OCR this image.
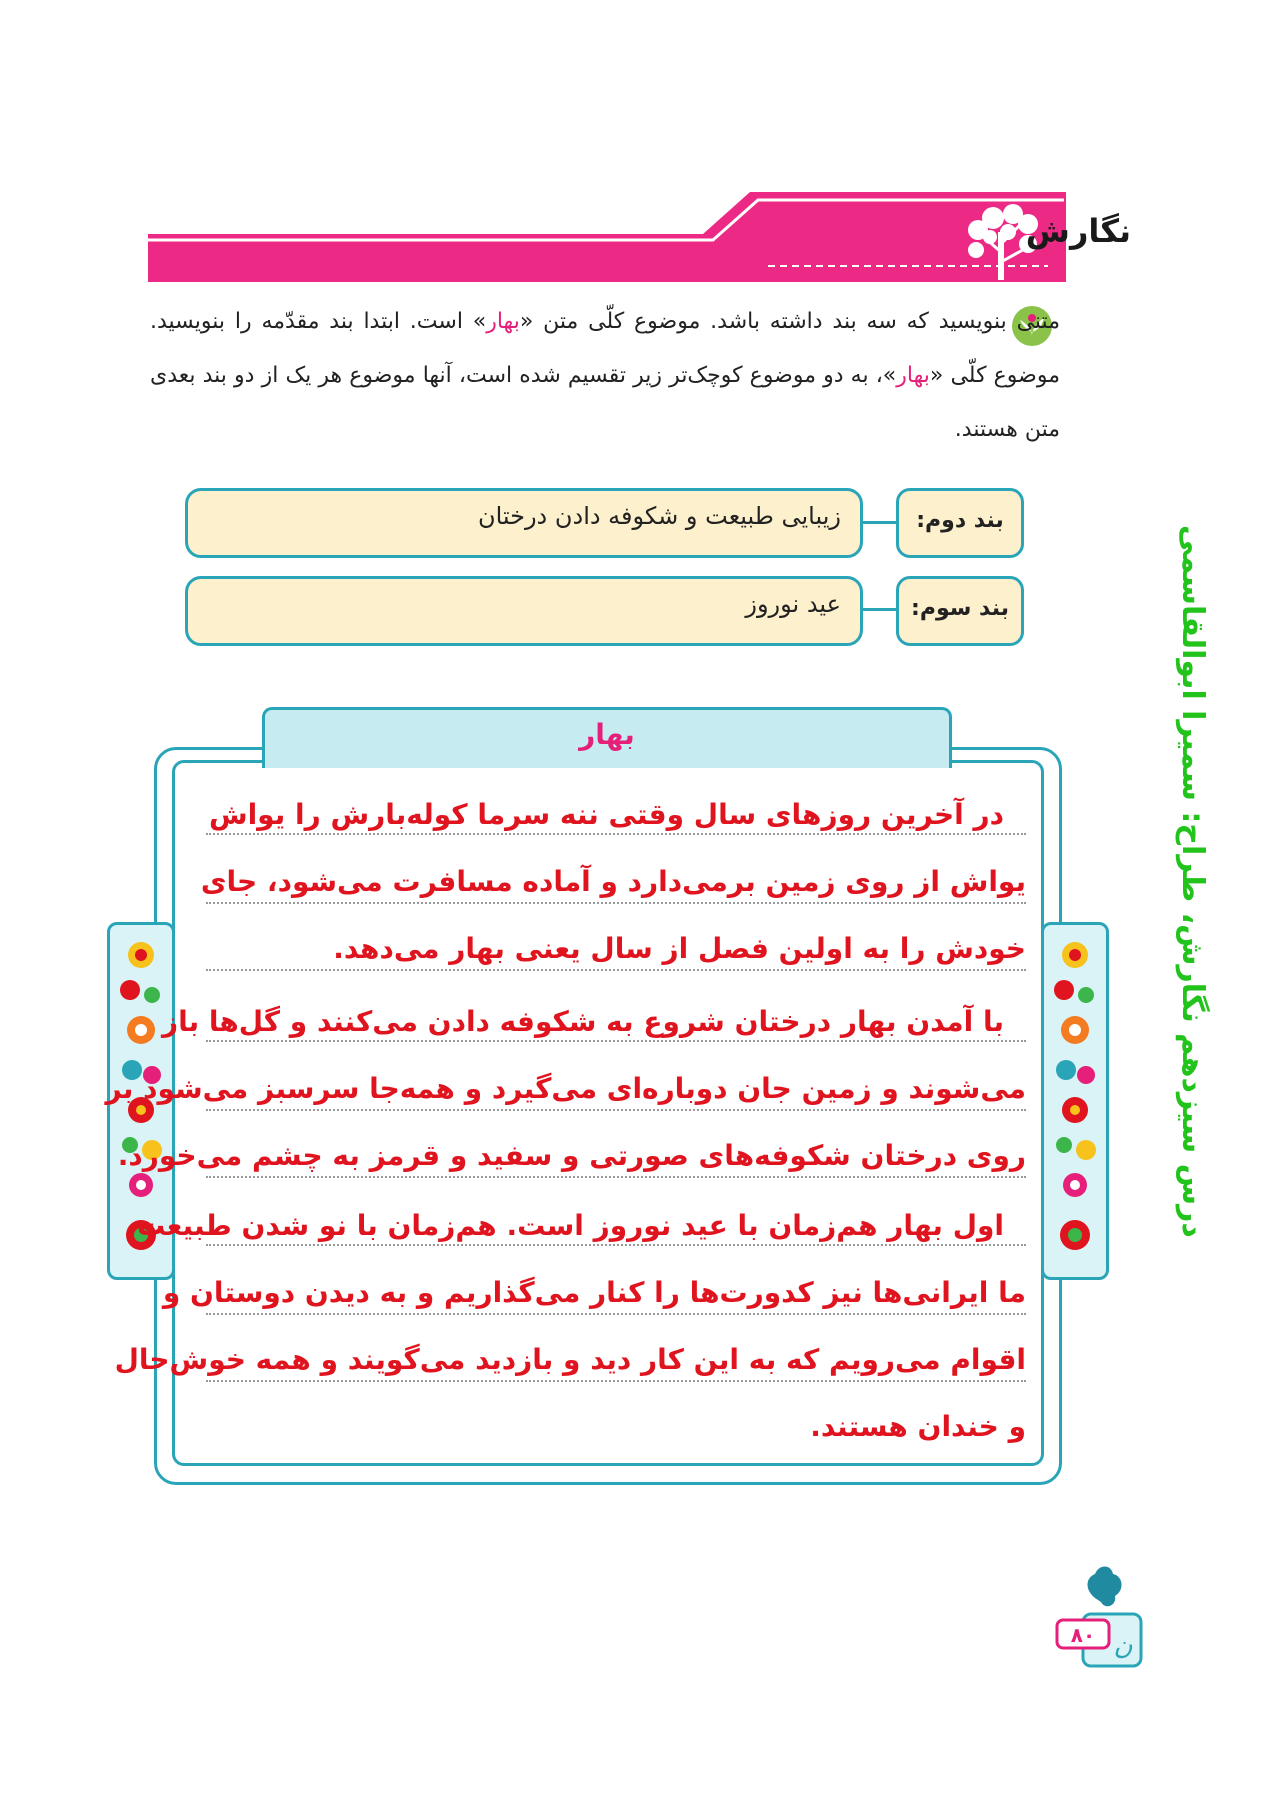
نگارش
متنی بنویسید که سه بند داشته باشد. موضوع کلّی متن «بهار» است. ابتدا بند مقدّمه را بنویسید. موضوع کلّی «بهار»، به دو موضوع کوچک‌تر زیر تقسیم شده است، آنها موضوع هر یک از دو بند بعدی متن هستند.
زیبایی طبیعت و شکوفه دادن درختان	بند دوم:
عید نوروز	بند سوم:
بهار
در آخرین روزهای سال وقتی ننه سرما کوله‌بارش را یواش
یواش از روی زمین برمی‌دارد و آماده مسافرت می‌شود، جای
خودش را به اولین فصل از سال یعنی بهار می‌دهد.
با آمدن بهار درختان شروع به شکوفه دادن می‌کنند و گل‌ها باز
می‌شوند و زمین جان دوباره‌ای می‌گیرد و همه‌جا سرسبز می‌شود بر
روی درختان شکوفه‌های صورتی و سفید و قرمز به چشم می‌خورد.
اول بهار هم‌زمان با عید نوروز است. هم‌زمان با نو شدن طبیعت
ما ایرانی‌ها نیز کدورت‌ها را کنار می‌گذاریم و به دیدن دوستان و
اقوام می‌رویم که به این کار دید و بازدید می‌گویند و همه خوش‌حال
و خندان هستند.
درس سیزدهم نگارش، طراح: سمیرا ابوالقاسمی
ن
۸۰
